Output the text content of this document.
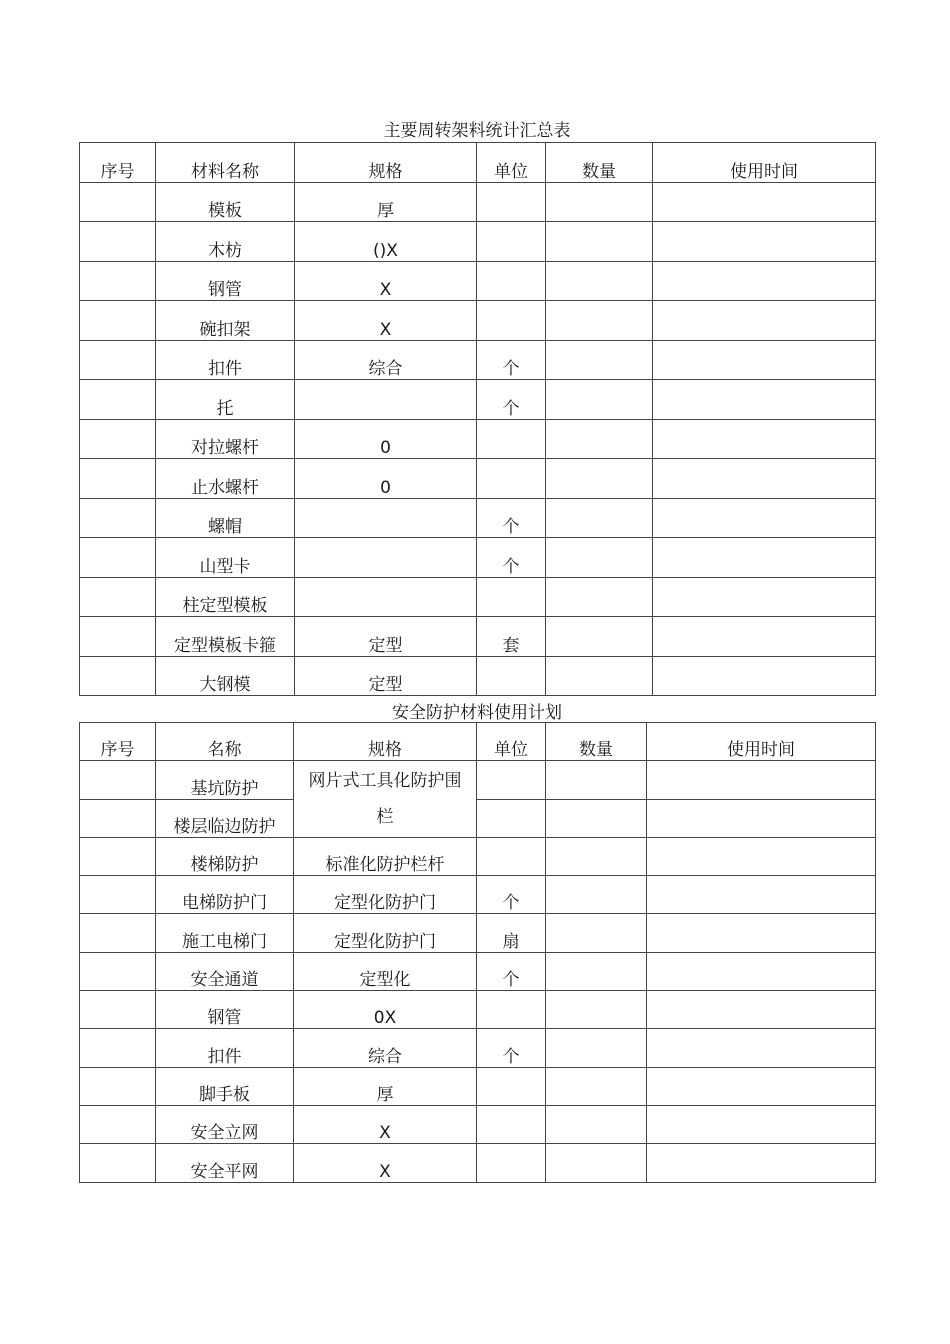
主要周转架料统计汇总表
序号	材料名称	规格	单位	数量	使用时间
	模板	厚			
	木枋	()X			
	钢管	X			
	碗扣架	X			
	扣件	综合	个		
	托		个		
	对拉螺杆	0			
	止水螺杆	0			
	螺帽		个		
	山型卡		个		
	柱定型模板				
	定型模板卡箍	定型	套		
	大钢模	定型			
安全防护材料使用计划
序号	名称	规格	单位	数量	使用时间
	基坑防护	网片式工具化防护围栏			
	楼层临边防护				
	楼梯防护	标准化防护栏杆			
	电梯防护门	定型化防护门	个		
	施工电梯门	定型化防护门	扇		
	安全通道	定型化	个		
	钢管	0X			
	扣件	综合	个		
	脚手板	厚			
	安全立网	X			
	安全平网	X			
